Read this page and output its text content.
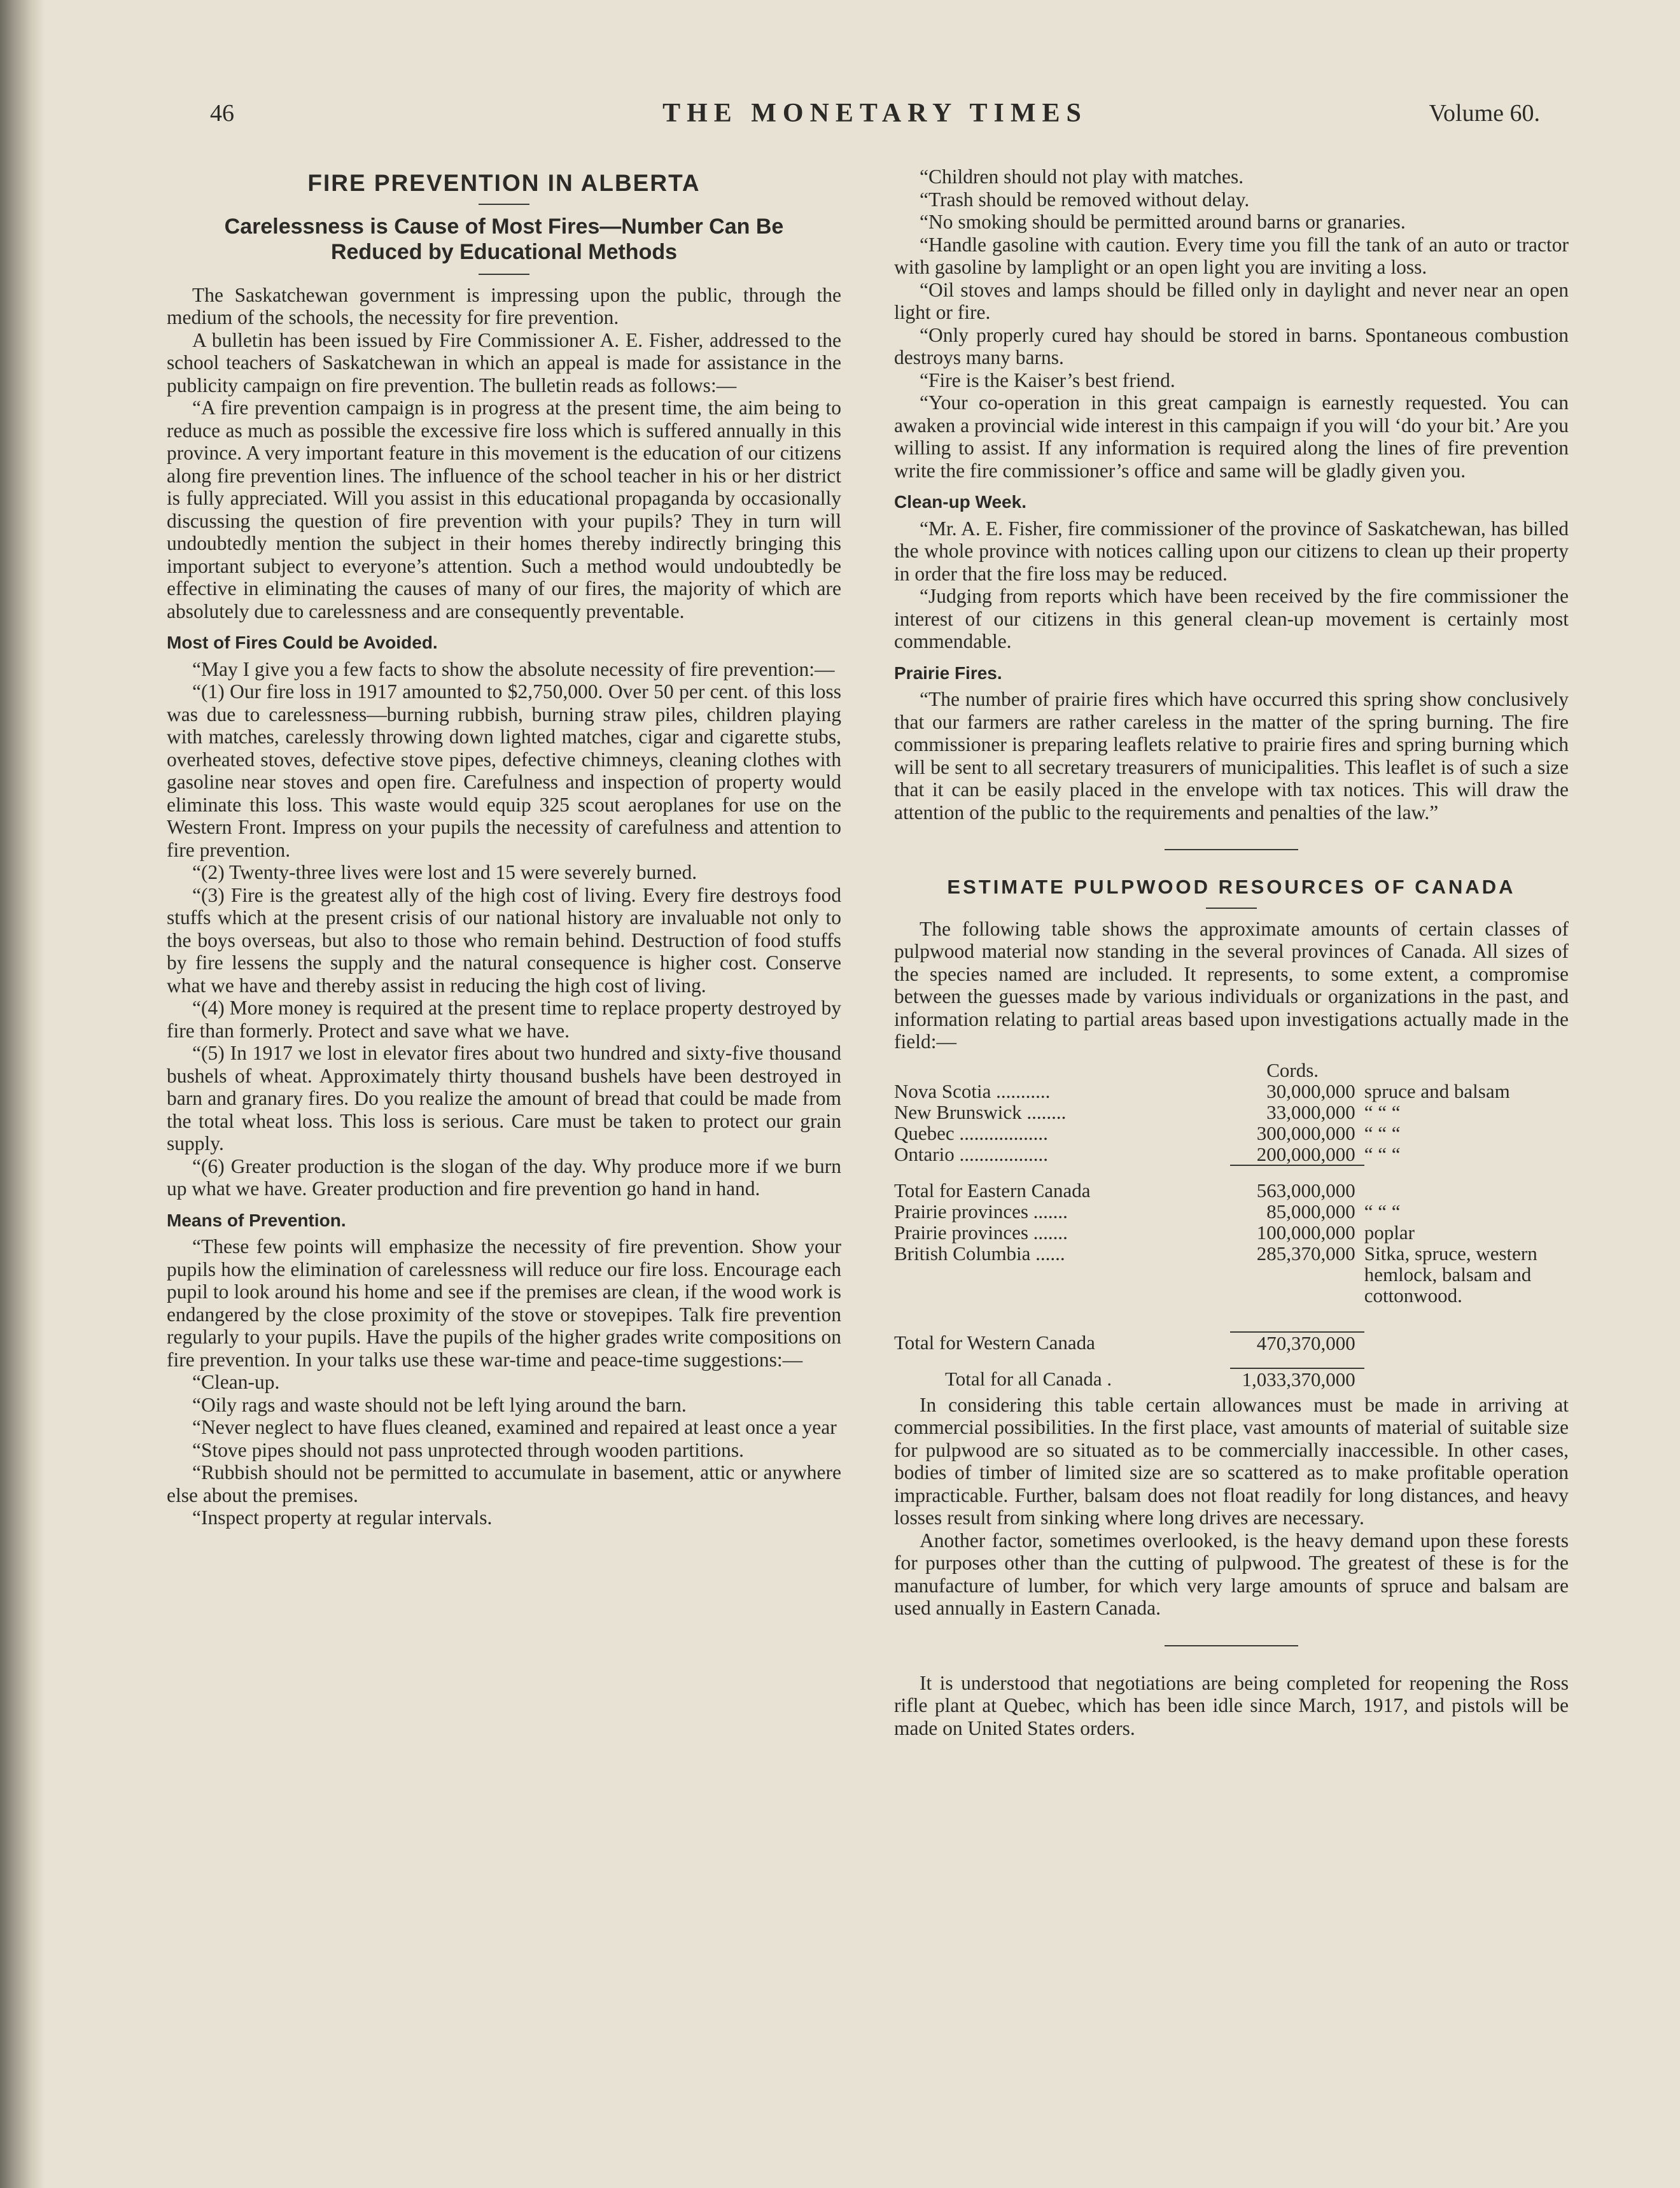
46	THE MONETARY TIMES	Volume 60.
FIRE PREVENTION IN ALBERTA
Carelessness is Cause of Most Fires—Number Can Be Reduced by Educational Methods

The Saskatchewan government is impressing upon the public, through the medium of the schools, the necessity for fire prevention.

A bulletin has been issued by Fire Commissioner A. E. Fisher, addressed to the school teachers of Saskatchewan in which an appeal is made for assistance in the publicity campaign on fire prevention. The bulletin reads as follows:—

“A fire prevention campaign is in progress at the present time, the aim being to reduce as much as possible the excessive fire loss which is suffered annually in this province. A very important feature in this movement is the education of our citizens along fire prevention lines. The influence of the school teacher in his or her district is fully appreciated. Will you assist in this educational propaganda by occasionally discussing the question of fire prevention with your pupils? They in turn will undoubtedly mention the subject in their homes thereby indirectly bringing this important subject to everyone’s attention. Such a method would undoubtedly be effective in eliminating the causes of many of our fires, the majority of which are absolutely due to carelessness and are consequently preventable.

Most of Fires Could be Avoided.

“May I give you a few facts to show the absolute necessity of fire prevention:—

“(1) Our fire loss in 1917 amounted to $2,750,000. Over 50 per cent. of this loss was due to carelessness—burning rubbish, burning straw piles, children playing with matches, carelessly throwing down lighted matches, cigar and cigarette stubs, overheated stoves, defective stove pipes, defective chimneys, cleaning clothes with gasoline near stoves and open fire. Carefulness and inspection of property would eliminate this loss. This waste would equip 325 scout aeroplanes for use on the Western Front. Impress on your pupils the necessity of carefulness and attention to fire prevention.

“(2) Twenty-three lives were lost and 15 were severely burned.

“(3) Fire is the greatest ally of the high cost of living. Every fire destroys food stuffs which at the present crisis of our national history are invaluable not only to the boys overseas, but also to those who remain behind. Destruction of food stuffs by fire lessens the supply and the natural consequence is higher cost. Conserve what we have and thereby assist in reducing the high cost of living.

“(4) More money is required at the present time to replace property destroyed by fire than formerly. Protect and save what we have.

“(5) In 1917 we lost in elevator fires about two hundred and sixty-five thousand bushels of wheat. Approximately thirty thousand bushels have been destroyed in barn and granary fires. Do you realize the amount of bread that could be made from the total wheat loss. This loss is serious. Care must be taken to protect our grain supply.

“(6) Greater production is the slogan of the day. Why produce more if we burn up what we have. Greater production and fire prevention go hand in hand.

Means of Prevention.

“These few points will emphasize the necessity of fire prevention. Show your pupils how the elimination of carelessness will reduce our fire loss. Encourage each pupil to look around his home and see if the premises are clean, if the wood work is endangered by the close proximity of the stove or stovepipes. Talk fire prevention regularly to your pupils. Have the pupils of the higher grades write compositions on fire prevention. In your talks use these war-time and peace-time suggestions:—

“Clean-up.

“Oily rags and waste should not be left lying around the barn.

“Never neglect to have flues cleaned, examined and repaired at least once a year

“Stove pipes should not pass unprotected through wooden partitions.

“Rubbish should not be permitted to accumulate in basement, attic or anywhere else about the premises.

“Inspect property at regular intervals.

“Children should not play with matches.

“Trash should be removed without delay.

“No smoking should be permitted around barns or granaries.

“Handle gasoline with caution. Every time you fill the tank of an auto or tractor with gasoline by lamplight or an open light you are inviting a loss.

“Oil stoves and lamps should be filled only in daylight and never near an open light or fire.

“Only properly cured hay should be stored in barns. Spontaneous combustion destroys many barns.

“Fire is the Kaiser’s best friend.

“Your co-operation in this great campaign is earnestly requested. You can awaken a provincial wide interest in this campaign if you will ‘do your bit.’ Are you willing to assist. If any information is required along the lines of fire prevention write the fire commissioner’s office and same will be gladly given you.

Clean-up Week.

“Mr. A. E. Fisher, fire commissioner of the province of Saskatchewan, has billed the whole province with notices calling upon our citizens to clean up their property in order that the fire loss may be reduced.

“Judging from reports which have been received by the fire commissioner the interest of our citizens in this general clean-up movement is certainly most commendable.

Prairie Fires.

“The number of prairie fires which have occurred this spring show conclusively that our farmers are rather careless in the matter of the spring burning. The fire commissioner is preparing leaflets relative to prairie fires and spring burning which will be sent to all secretary treasurers of municipalities. This leaflet is of such a size that it can be easily placed in the envelope with tax notices. This will draw the attention of the public to the requirements and penalties of the law.”

ESTIMATE PULPWOOD RESOURCES OF CANADA

The following table shows the approximate amounts of certain classes of pulpwood material now standing in the several provinces of Canada. All sizes of the species named are included. It represents, to some extent, a compromise between the guesses made by various individuals or organizations in the past, and information relating to partial areas based upon investigations actually made in the field:—

	Cords.	
Nova Scotia ...........	30,000,000	spruce and balsam
New Brunswick ........	33,000,000	“ “ “
Quebec ..................	300,000,000	“ “ “
Ontario ..................	200,000,000	“ “ “

Total for Eastern Canada	563,000,000	
Prairie provinces .......	85,000,000	“ “ “
Prairie provinces .......	100,000,000	poplar
British Columbia ......	285,370,000	Sitka, spruce, western hemlock, balsam and cottonwood.

Total for Western Canada	470,370,000	

Total for all Canada .	1,033,370,000	

In considering this table certain allowances must be made in arriving at commercial possibilities. In the first place, vast amounts of material of suitable size for pulpwood are so situated as to be commercially inaccessible. In other cases, bodies of timber of limited size are so scattered as to make profitable operation impracticable. Further, balsam does not float readily for long distances, and heavy losses result from sinking where long drives are necessary.

Another factor, sometimes overlooked, is the heavy demand upon these forests for purposes other than the cutting of pulpwood. The greatest of these is for the manufacture of lumber, for which very large amounts of spruce and balsam are used annually in Eastern Canada.

It is understood that negotiations are being completed for reopening the Ross rifle plant at Quebec, which has been idle since March, 1917, and pistols will be made on United States orders.
